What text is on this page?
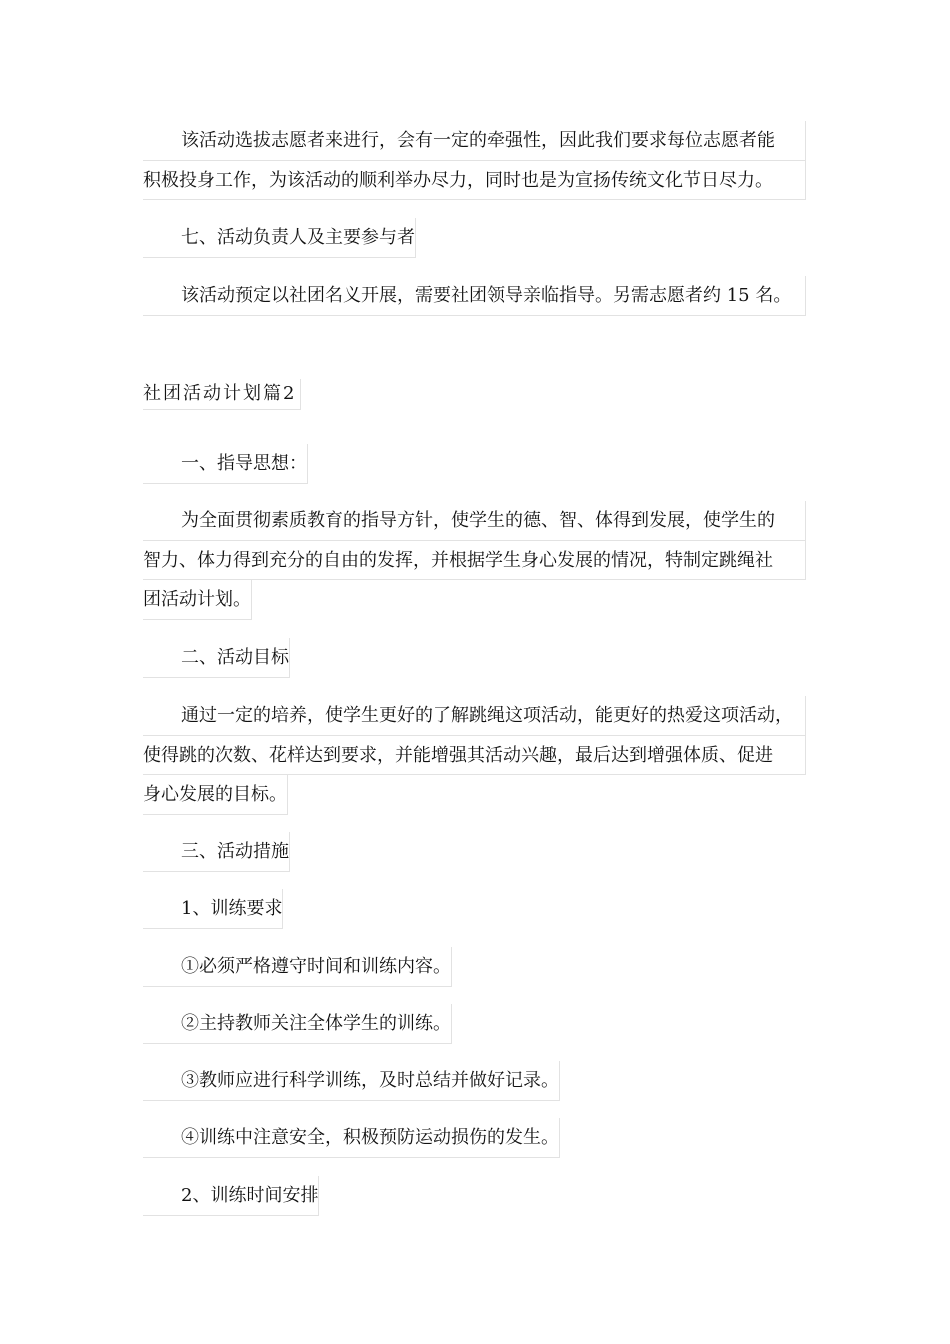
该活动选拔志愿者来进行，会有一定的牵强性，因此我们要求每位志愿者能
积极投身工作，为该活动的顺利举办尽力，同时也是为宣扬传统文化节日尽力。
七、活动负责人及主要参与者
该活动预定以社团名义开展，需要社团领导亲临指导。另需志愿者约 15 名。
社团活动计划篇2
一、指导思想：
为全面贯彻素质教育的指导方针，使学生的德、智、体得到发展，使学生的
智力、体力得到充分的自由的发挥，并根据学生身心发展的情况，特制定跳绳社
团活动计划。
二、活动目标
通过一定的培养，使学生更好的了解跳绳这项活动，能更好的热爱这项活动，
使得跳的次数、花样达到要求，并能增强其活动兴趣，最后达到增强体质、促进
身心发展的目标。
三、活动措施
1、训练要求
①必须严格遵守时间和训练内容。
②主持教师关注全体学生的训练。
③教师应进行科学训练，及时总结并做好记录。
④训练中注意安全，积极预防运动损伤的发生。
2、训练时间安排
